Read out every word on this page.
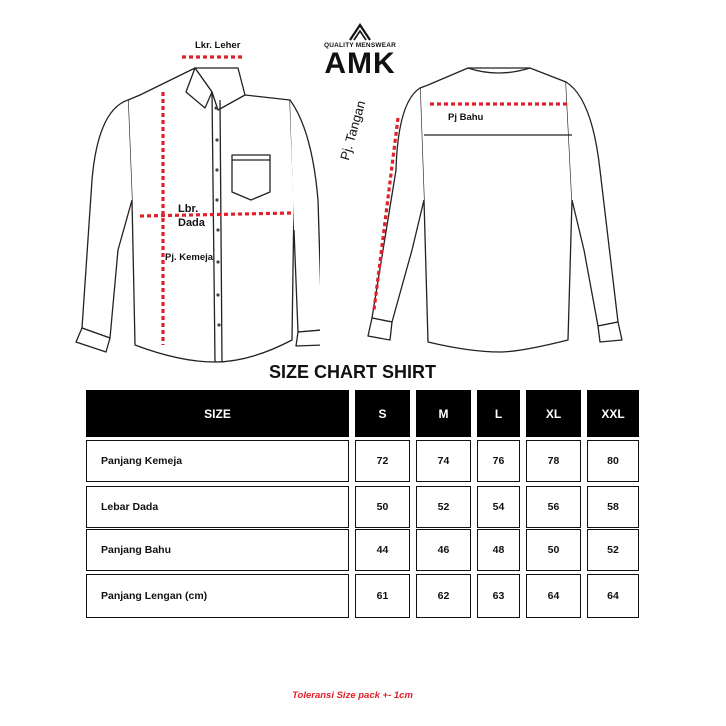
QUALITY MENSWEAR
AMK
Lkr. Leher
Lbr.
Dada
Pj. Kemeja
Pj. Tangan	Pj Bahu
SIZE CHART SHIRT
SIZE	S	M	L	XL	XXL
Panjang Kemeja	72	74	76	78	80
Lebar Dada	50	52	54	56	58
Panjang Bahu	44	46	48	50	52
Panjang Lengan (cm)	61	62	63	64	64
Toleransi Size pack +- 1cm
